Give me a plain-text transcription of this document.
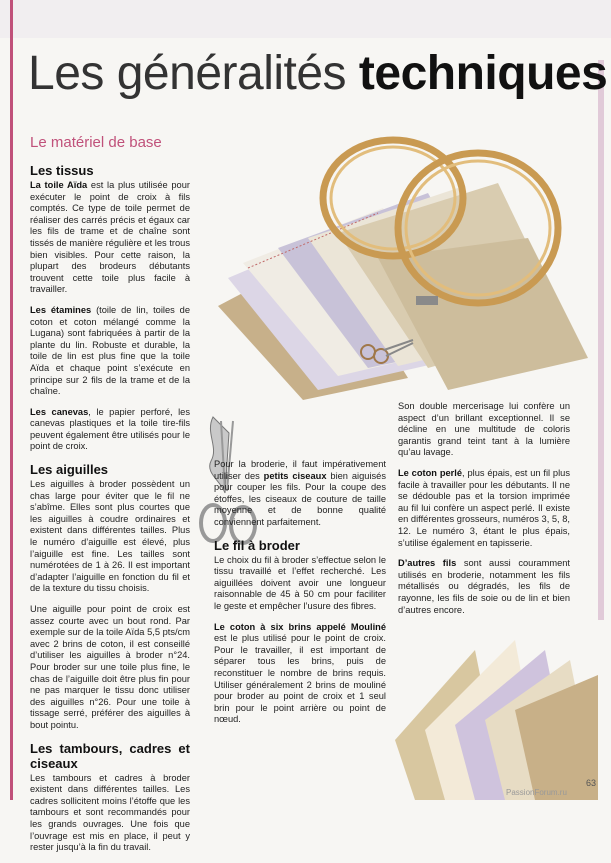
Les généralités techniques
Le matériel de base
Les tissus

La toile Aïda est la plus utilisée pour exécuter le point de croix à fils comptés. Ce type de toile permet de réaliser des carrés précis et égaux car les fils de trame et de chaîne sont tissés de manière régulière et les trous bien visibles. Pour cette raison, la plupart des brodeurs débutants trouvent cette toile plus facile à travailler.

Les étamines (toile de lin, toiles de coton et coton mélangé comme la Lugana) sont fabriquées à partir de la plante du lin. Robuste et durable, la toile de lin est plus fine que la toile Aïda et chaque point s’exécute en principe sur 2 fils de la trame et de la chaîne.

Les canevas, le papier perforé, les canevas plastiques et la toile tire-fils peuvent également être utilisés pour le point de croix.

Les aiguilles

Les aiguilles à broder possèdent un chas large pour éviter que le fil ne s’abîme. Elles sont plus courtes que les aiguilles à coudre ordinaires et existent dans différentes tailles. Plus le numéro d’aiguille est élevé, plus l’aiguille est fine. Les tailles sont numérotées de 1 à 26. Il est important d’adapter l’aiguille en fonction du fil et de la texture du tissu choisis.

Une aiguille pour point de croix est assez courte avec un bout rond. Par exemple sur de la toile Aïda 5,5 pts/cm avec 2 brins de coton, il est conseillé d’utiliser les aiguilles à broder n°24. Pour broder sur une toile plus fine, le chas de l’aiguille doit être plus fin pour ne pas marquer le tissu donc utiliser des aiguilles n°26. Pour une toile à tissage serré, préférer des aiguilles à bout pointu.

Les tambours, cadres et ciseaux

Les tambours et cadres à broder existent dans différentes tailles. Les cadres sollicitent moins l’étoffe que les tambours et sont recommandés pour les grands ouvrages. Une fois que l’ouvrage est mis en place, il peut y rester jusqu’à la fin du travail.

Pour la broderie, il faut impérativement utiliser des petits ciseaux bien aiguisés pour couper les fils. Pour la coupe des étoffes, les ciseaux de couture de taille moyenne et de bonne qualité conviennent parfaitement.

Le fil à broder

Le choix du fil à broder s’effectue selon le tissu travaillé et l’effet recherché. Les aiguillées doivent avoir une longueur raisonnable de 45 à 50 cm pour faciliter le geste et empêcher l’usure des fibres.

Le coton à six brins appelé Mouliné est le plus utilisé pour le point de croix. Pour le travailler, il est important de séparer tous les brins, puis de reconstituer le nombre de brins requis. Utiliser généralement 2 brins de mouliné pour broder au point de croix et 1 seul brin pour le point arrière ou point de nœud.

Son double mercerisage lui confère un aspect d’un brillant exceptionnel. Il se décline en une multitude de coloris garantis grand teint tant à la lumière qu’au lavage.

Le coton perlé, plus épais, est un fil plus facile à travailler pour les débutants. Il ne se dédouble pas et la torsion imprimée au fil lui confère un aspect perlé. Il existe en différentes grosseurs, numéros 3, 5, 8, 12. Le numéro 3, étant le plus épais, s’utilise également en tapisserie.

D’autres fils sont aussi couramment utilisés en broderie, notamment les fils métallisés ou dégradés, les fils de rayonne, les fils de soie ou de lin et bien d’autres encore.

63
PassionForum.ru
